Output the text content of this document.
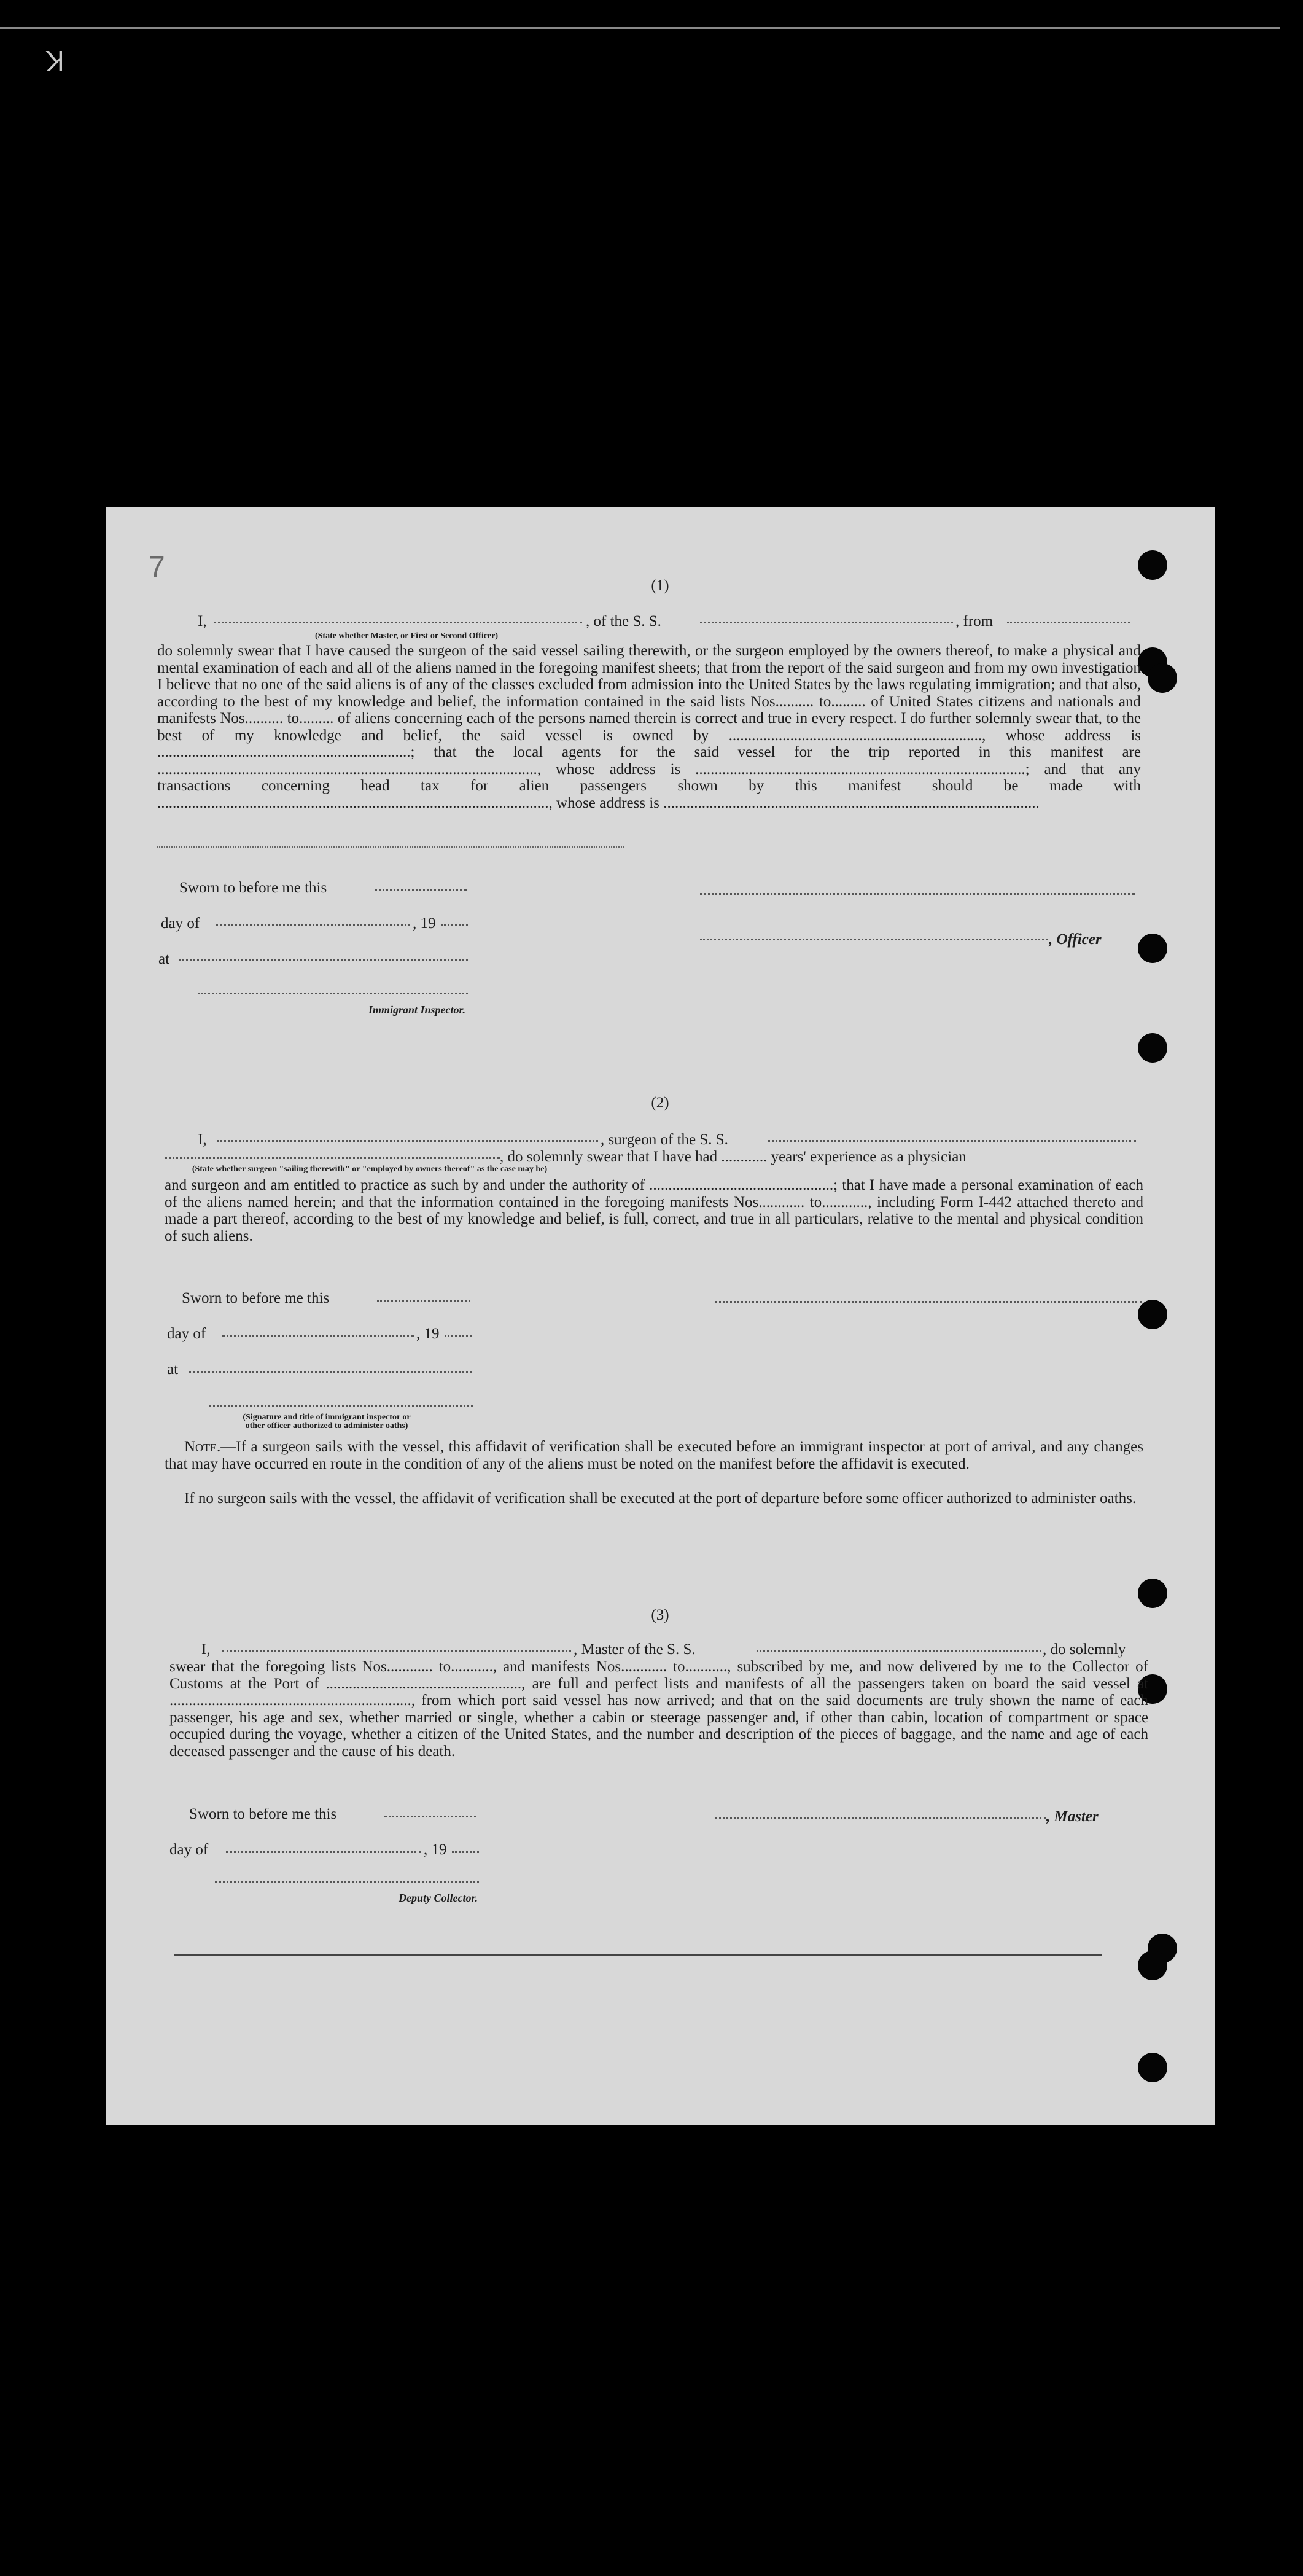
K
7
(1)
I,	, of the S. S.	, from
(State whether Master, or First or Second Officer)
do solemnly swear that I have caused the surgeon of the said vessel sailing therewith, or the surgeon employed by the owners thereof, to make a physical and mental examination of each and all of the aliens named in the foregoing manifest sheets; that from the report of the said surgeon and from my own investigation I believe that no one of the said aliens is of any of the classes excluded from admission into the United States by the laws regulating immigration; and that also, according to the best of my knowledge and belief, the information contained in the said lists Nos.......... to......... of United States citizens and nationals and manifests Nos.......... to......... of aliens concerning each of the persons named therein is correct and true in every respect. I do further solemnly swear that, to the best of my knowledge and belief, the said vessel is owned by .................................................................., whose address is ..................................................................; that the local agents for the said vessel for the trip reported in this manifest are ..................................................................................................., whose address is ......................................................................................; and that any transactions concerning head tax for alien passengers shown by this manifest should be made with ......................................................................................................, whose address is ..................................................................................................
Sworn to before me this
day of	, 19
, Officer
at
Immigrant Inspector.
(2)
I,	, surgeon of the S. S.
, do solemnly swear that I have had ............ years' experience as a physician
(State whether surgeon "sailing therewith" or "employed by owners thereof" as the case may be)
and surgeon and am entitled to practice as such by and under the authority of ................................................; that I have made a personal examination of each of the aliens named herein; and that the information contained in the foregoing manifests Nos............ to............, including Form I-442 attached thereto and made a part thereof, according to the best of my knowledge and belief, is full, correct, and true in all particulars, relative to the mental and physical condition of such aliens.
Sworn to before me this
day of	, 19
at
(Signature and title of immigrant inspector or
other officer authorized to administer oaths)
Note.—If a surgeon sails with the vessel, this affidavit of verification shall be executed before an immigrant inspector at port of arrival, and any changes that may have occurred en route in the condition of any of the aliens must be noted on the manifest before the affidavit is executed.
If no surgeon sails with the vessel, the affidavit of verification shall be executed at the port of departure before some officer authorized to administer oaths.
(3)
I,	, Master of the S. S.	, do solemnly
swear that the foregoing lists Nos............ to..........., and manifests Nos............ to..........., subscribed by me, and now delivered by me to the Collector of Customs at the Port of ..................................................., are full and perfect lists and manifests of all the passengers taken on board the said vessel at ..............................................................., from which port said vessel has now arrived; and that on the said documents are truly shown the name of each passenger, his age and sex, whether married or single, whether a cabin or steerage passenger and, if other than cabin, location of compartment or space occupied during the voyage, whether a citizen of the United States, and the number and description of the pieces of baggage, and the name and age of each deceased passenger and the cause of his death.
Sworn to before me this	, Master
day of	, 19
Deputy Collector.
